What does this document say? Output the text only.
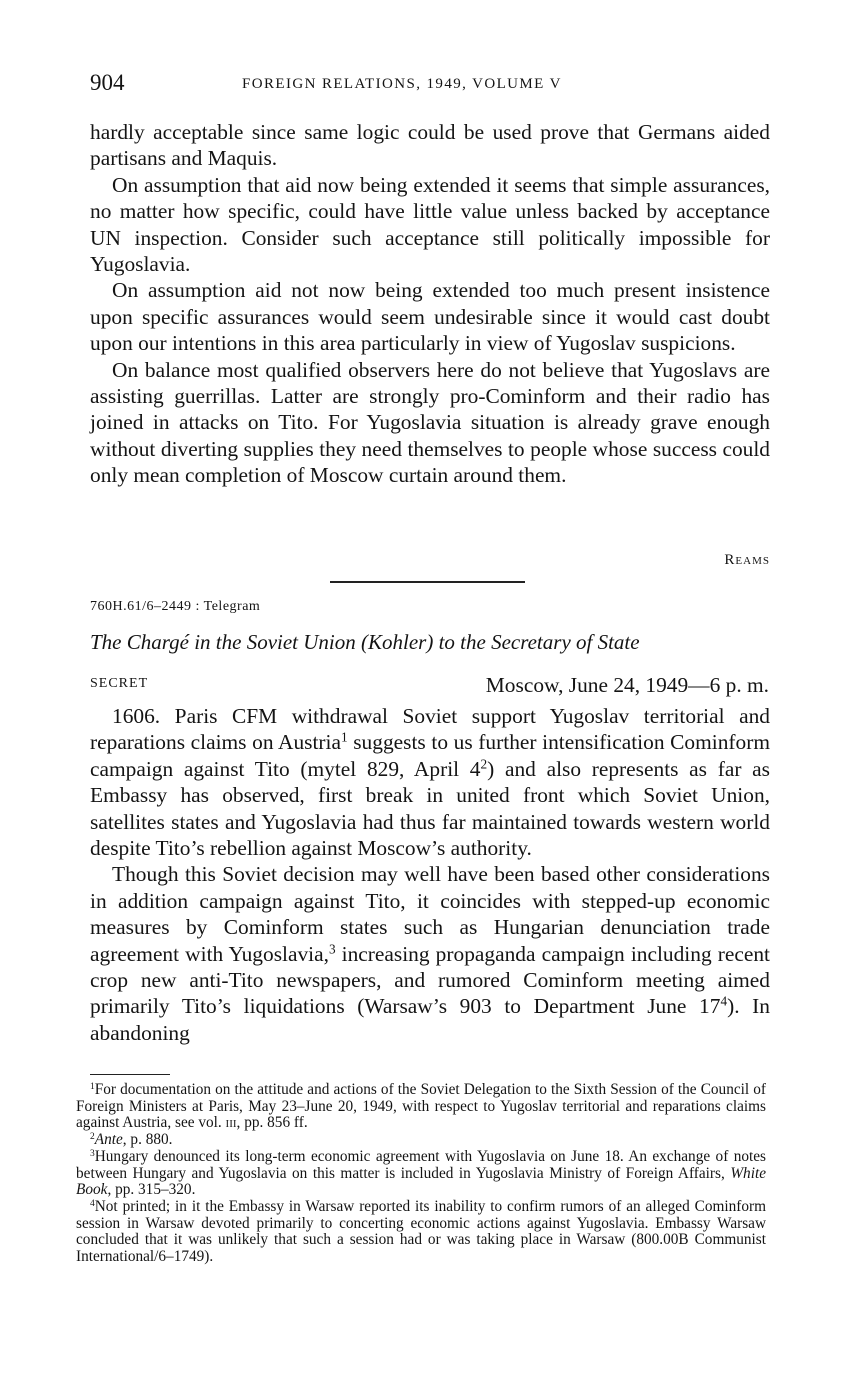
904	FOREIGN RELATIONS, 1949, VOLUME V

hardly acceptable since same logic could be used prove that Germans aided partisans and Maquis.

On assumption that aid now being extended it seems that simple assurances, no matter how specific, could have little value unless backed by acceptance UN inspection. Consider such acceptance still politically impossible for Yugoslavia.

On assumption aid not now being extended too much present insistence upon specific assurances would seem undesirable since it would cast doubt upon our intentions in this area particularly in view of Yugoslav suspicions.

On balance most qualified observers here do not believe that Yugoslavs are assisting guerrillas. Latter are strongly pro-Cominform and their radio has joined in attacks on Tito. For Yugoslavia situation is already grave enough without diverting supplies they need themselves to people whose success could only mean completion of Moscow curtain around them.

Reams
760H.61/6–2449 : Telegram
The Chargé in the Soviet Union (Kohler) to the Secretary of State
SECRET	Moscow, June 24, 1949—6 p. m.

1606. Paris CFM withdrawal Soviet support Yugoslav territorial and reparations claims on Austria$^1$ suggests to us further intensification Cominform campaign against Tito (mytel 829, April $4^2$) and also represents as far as Embassy has observed, first break in united front which Soviet Union, satellites states and Yugoslavia had thus far maintained towards western world despite Tito’s rebellion against Moscow’s authority.

Though this Soviet decision may well have been based other considerations in addition campaign against Tito, it coincides with stepped-up economic measures by Cominform states such as Hungarian denunciation trade agreement with Yugoslavia,$^3$ increasing propaganda campaign including recent crop new anti-Tito newspapers, and rumored Cominform meeting aimed primarily Tito’s liquidations (Warsaw’s 903 to Department June $17^4$). In abandoning

$^1$For documentation on the attitude and actions of the Soviet Delegation to the Sixth Session of the Council of Foreign Ministers at Paris, May 23–June 20, 1949, with respect to Yugoslav territorial and reparations claims against Austria, see vol. iii, pp. 856 ff.

$^2$Ante, p. 880.

$^3$Hungary denounced its long-term economic agreement with Yugoslavia on June 18. An exchange of notes between Hungary and Yugoslavia on this matter is included in Yugoslavia Ministry of Foreign Affairs, White Book, pp. 315–320.

$^4$Not printed; in it the Embassy in Warsaw reported its inability to confirm rumors of an alleged Cominform session in Warsaw devoted primarily to concerting economic actions against Yugoslavia. Embassy Warsaw concluded that it was unlikely that such a session had or was taking place in Warsaw (800.00B Communist International/6–1749).
